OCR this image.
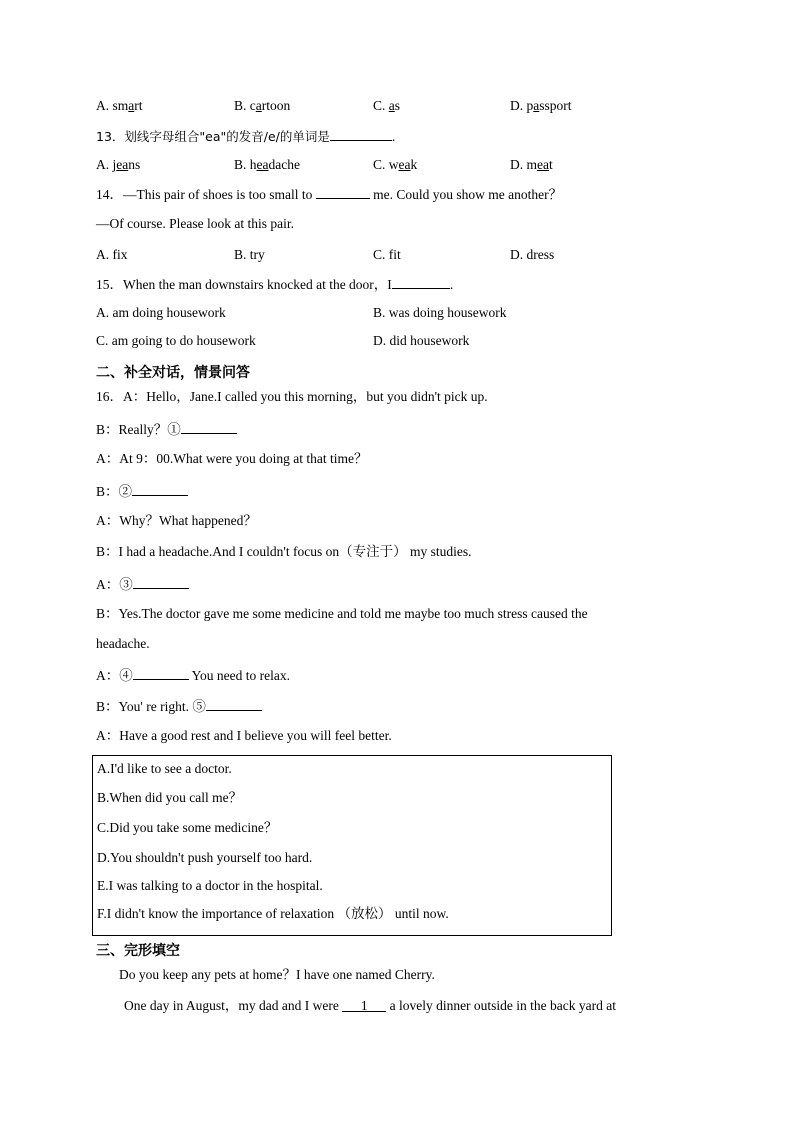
A. smart	B. cartoon	C. as	D. passport
13．划线字母组合"ea"的发音/e/的单词是	.
A. jeans	B. headache	C. weak	D. meat
14．—This pair of shoes is too small to	me. Could you show me another？
—Of course. Please look at this pair.
A. fix	B. try	C. fit	D. dress
15．When the man downstairs knocked at the door，I	.
A. am doing housework	B. was doing housework
C. am going to do housework	D. did housework
二、补全对话，情景问答
16．A：Hello，Jane.I called you this morning，but you didn't pick up.
B：Really？①
A：At 9：00.What were you doing at that time？
B：②
A：Why？What happened？
B：I had a headache.And I couldn't focus on（专注于） my studies.
A：③
B：Yes.The doctor gave me some medicine and told me maybe too much stress caused the
headache.
A：④	You need to relax.
B：You' re right. ⑤
A：Have a good rest and I believe you will feel better.
A.I'd like to see a doctor.
B.When did you call me？
C.Did you take some medicine？
D.You shouldn't push yourself too hard.
E.I was talking to a doctor in the hospital.
F.I didn't know the importance of relaxation （放松） until now.
三、完形填空
Do you keep any pets at home？I have one named Cherry.
One day in August，my dad and I were 1 a lovely dinner outside in the back yard at
